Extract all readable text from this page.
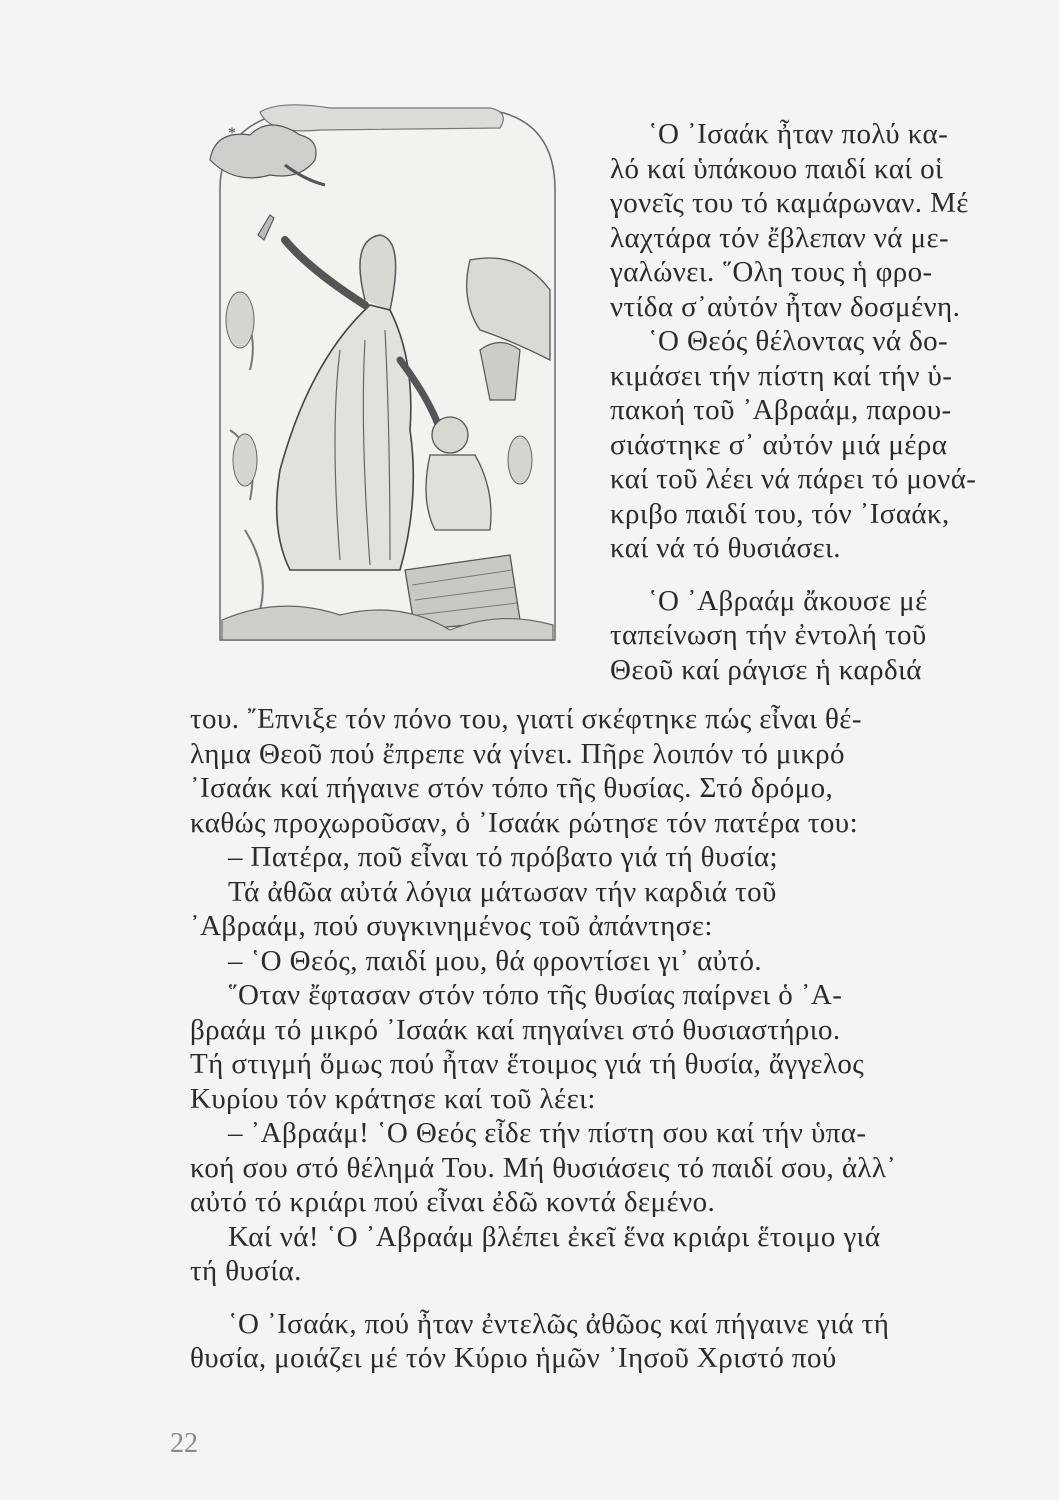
*	῾Ο ᾿Ισαάκ ἦταν πολύ κα-
λό καί ὑπάκουο παιδί καί οἱ
γονεῖς του τό καμάρωναν. Μέ
λαχτάρα τόν ἔβλεπαν νά με-
γαλώνει. ῞Ολη τους ἡ φρο-
ντίδα σ᾿αὐτόν ἦταν δοσμένη.
῾Ο Θεός θέλοντας νά δο-
κιμάσει τήν πίστη καί τήν ὑ-
πακοή τοῦ ᾿Αβραάμ, παρου-
σιάστηκε σ᾿ αὐτόν μιά μέρα
καί τοῦ λέει νά πάρει τό μονά-
κριβο παιδί του, τόν ᾿Ισαάκ,
καί νά τό θυσιάσει.
῾Ο ᾿Αβραάμ ἄκουσε μέ
ταπείνωση τήν ἐντολή τοῦ
Θεοῦ καί ράγισε ἡ καρδιά
του. ῎Επνιξε τόν πόνο του, γιατί σκέφτηκε πώς εἶναι θέ-
λημα Θεοῦ πού ἔπρεπε νά γίνει. Πῆρε λοιπόν τό μικρό
᾿Ισαάκ καί πήγαινε στόν τόπο τῆς θυσίας. Στό δρόμο,
καθώς προχωροῦσαν, ὁ ᾿Ισαάκ ρώτησε τόν πατέρα του:
– Πατέρα, ποῦ εἶναι τό πρόβατο γιά τή θυσία;
Τά ἀθῶα αὐτά λόγια μάτωσαν τήν καρδιά τοῦ
᾿Αβραάμ, πού συγκινημένος τοῦ ἀπάντησε:
– ῾Ο Θεός, παιδί μου, θά φροντίσει γι᾿ αὐτό.
῞Οταν ἔφτασαν στόν τόπο τῆς θυσίας παίρνει ὁ ᾿Α-
βραάμ τό μικρό ᾿Ισαάκ καί πηγαίνει στό θυσιαστήριο.
Τή στιγμή ὅμως πού ἦταν ἕτοιμος γιά τή θυσία, ἄγγελος
Κυρίου τόν κράτησε καί τοῦ λέει:
– ᾿Αβραάμ! ῾Ο Θεός εἶδε τήν πίστη σου καί τήν ὑπα-
κοή σου στό θέλημά Του. Μή θυσιάσεις τό παιδί σου, ἀλλ᾿
αὐτό τό κριάρι πού εἶναι ἐδῶ κοντά δεμένο.
Καί νά! ῾Ο ᾿Αβραάμ βλέπει ἐκεῖ ἕνα κριάρι ἕτοιμο γιά
τή θυσία.
῾Ο ᾿Ισαάκ, πού ἦταν ἐντελῶς ἀθῶος καί πήγαινε γιά τή
θυσία, μοιάζει μέ τόν Κύριο ἡμῶν ᾿Ιησοῦ Χριστό πού
22
